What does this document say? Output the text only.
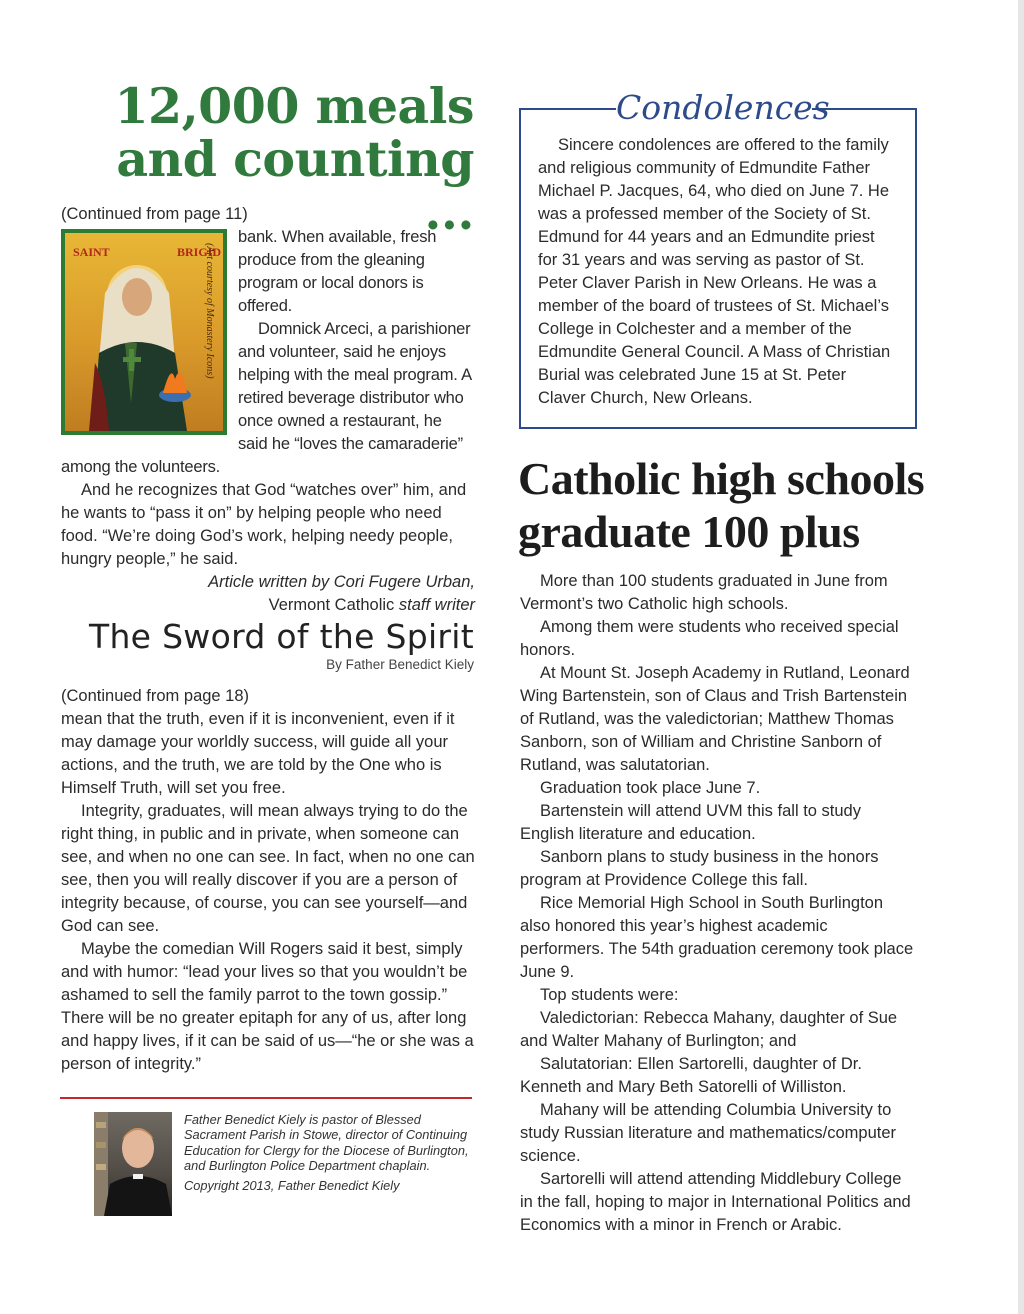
12,000 meals and counting ...

(Continued from page 11)

SAINT	BRIGID
(Art courtesy of Monastery Icons)

bank. When available, fresh produce from the gleaning program or local donors is offered.

Domnick Arceci, a parishioner and volunteer, said he enjoys helping with the meal program. A retired beverage distributor who once owned a restaurant, he said he “loves the camaraderie” among the volunteers.

And he recognizes that God “watches over” him, and he wants to “pass it on” by helping people who need food. “We’re doing God’s work, helping needy people, hungry people,” he said.

Article written by Cori Fugere Urban,
Vermont Catholic staff writer
The Sword of the Spirit
By Father Benedict Kiely

(Continued from page 18)

mean that the truth, even if it is inconvenient, even if it may damage your worldly success, will guide all your actions, and the truth, we are told by the One who is Himself Truth, will set you free.

Integrity, graduates, will mean always trying to do the right thing, in public and in private, when someone can see, and when no one can see. In fact, when no one can see, then you will really discover if you are a person of integrity because, of course, you can see yourself—and God can see.

Maybe the comedian Will Rogers said it best, simply and with humor: “lead your lives so that you wouldn’t be ashamed to sell the family parrot to the town gossip.” There will be no greater epitaph for any of us, after long and happy lives, if it can be said of us—“he or she was a person of integrity.”

Father Benedict Kiely is pastor of Blessed Sacrament Parish in Stowe, director of Continuing Education for Clergy for the Diocese of Burlington, and Burlington Police Department chaplain.

Copyright 2013, Father Benedict Kiely

Condolences

Sincere condolences are offered to the family and religious community of Edmundite Father Michael P. Jacques, 64, who died on June 7. He was a professed member of the Society of St. Edmund for 44 years and an Edmundite priest for 31 years and was serving as pastor of St. Peter Claver Parish in New Orleans. He was a member of the board of trustees of St. Michael’s College in Colchester and a member of the Edmundite General Council. A Mass of Christian Burial was celebrated June 15 at St. Peter Claver Church, New Orleans.

Catholic high schools graduate 100 plus

More than 100 students graduated in June from Vermont’s two Catholic high schools.

Among them were students who received special honors.

At Mount St. Joseph Academy in Rutland, Leonard Wing Bartenstein, son of Claus and Trish Bartenstein of Rutland, was the valedictorian; Matthew Thomas Sanborn, son of William and Christine Sanborn of Rutland, was salutatorian.

Graduation took place June 7.

Bartenstein will attend UVM this fall to study English literature and education.

Sanborn plans to study business in the honors program at Providence College this fall.

Rice Memorial High School in South Burlington also honored this year’s highest academic performers. The 54th graduation ceremony took place June 9.

Top students were:

Valedictorian: Rebecca Mahany, daughter of Sue and Walter Mahany of Burlington; and

Salutatorian: Ellen Sartorelli, daughter of Dr. Kenneth and Mary Beth Satorelli of Williston.

Mahany will be attending Columbia University to study Russian literature and mathematics/computer science.

Sartorelli will attend attending Middlebury College in the fall, hoping to major in International Politics and Economics with a minor in French or Arabic.
